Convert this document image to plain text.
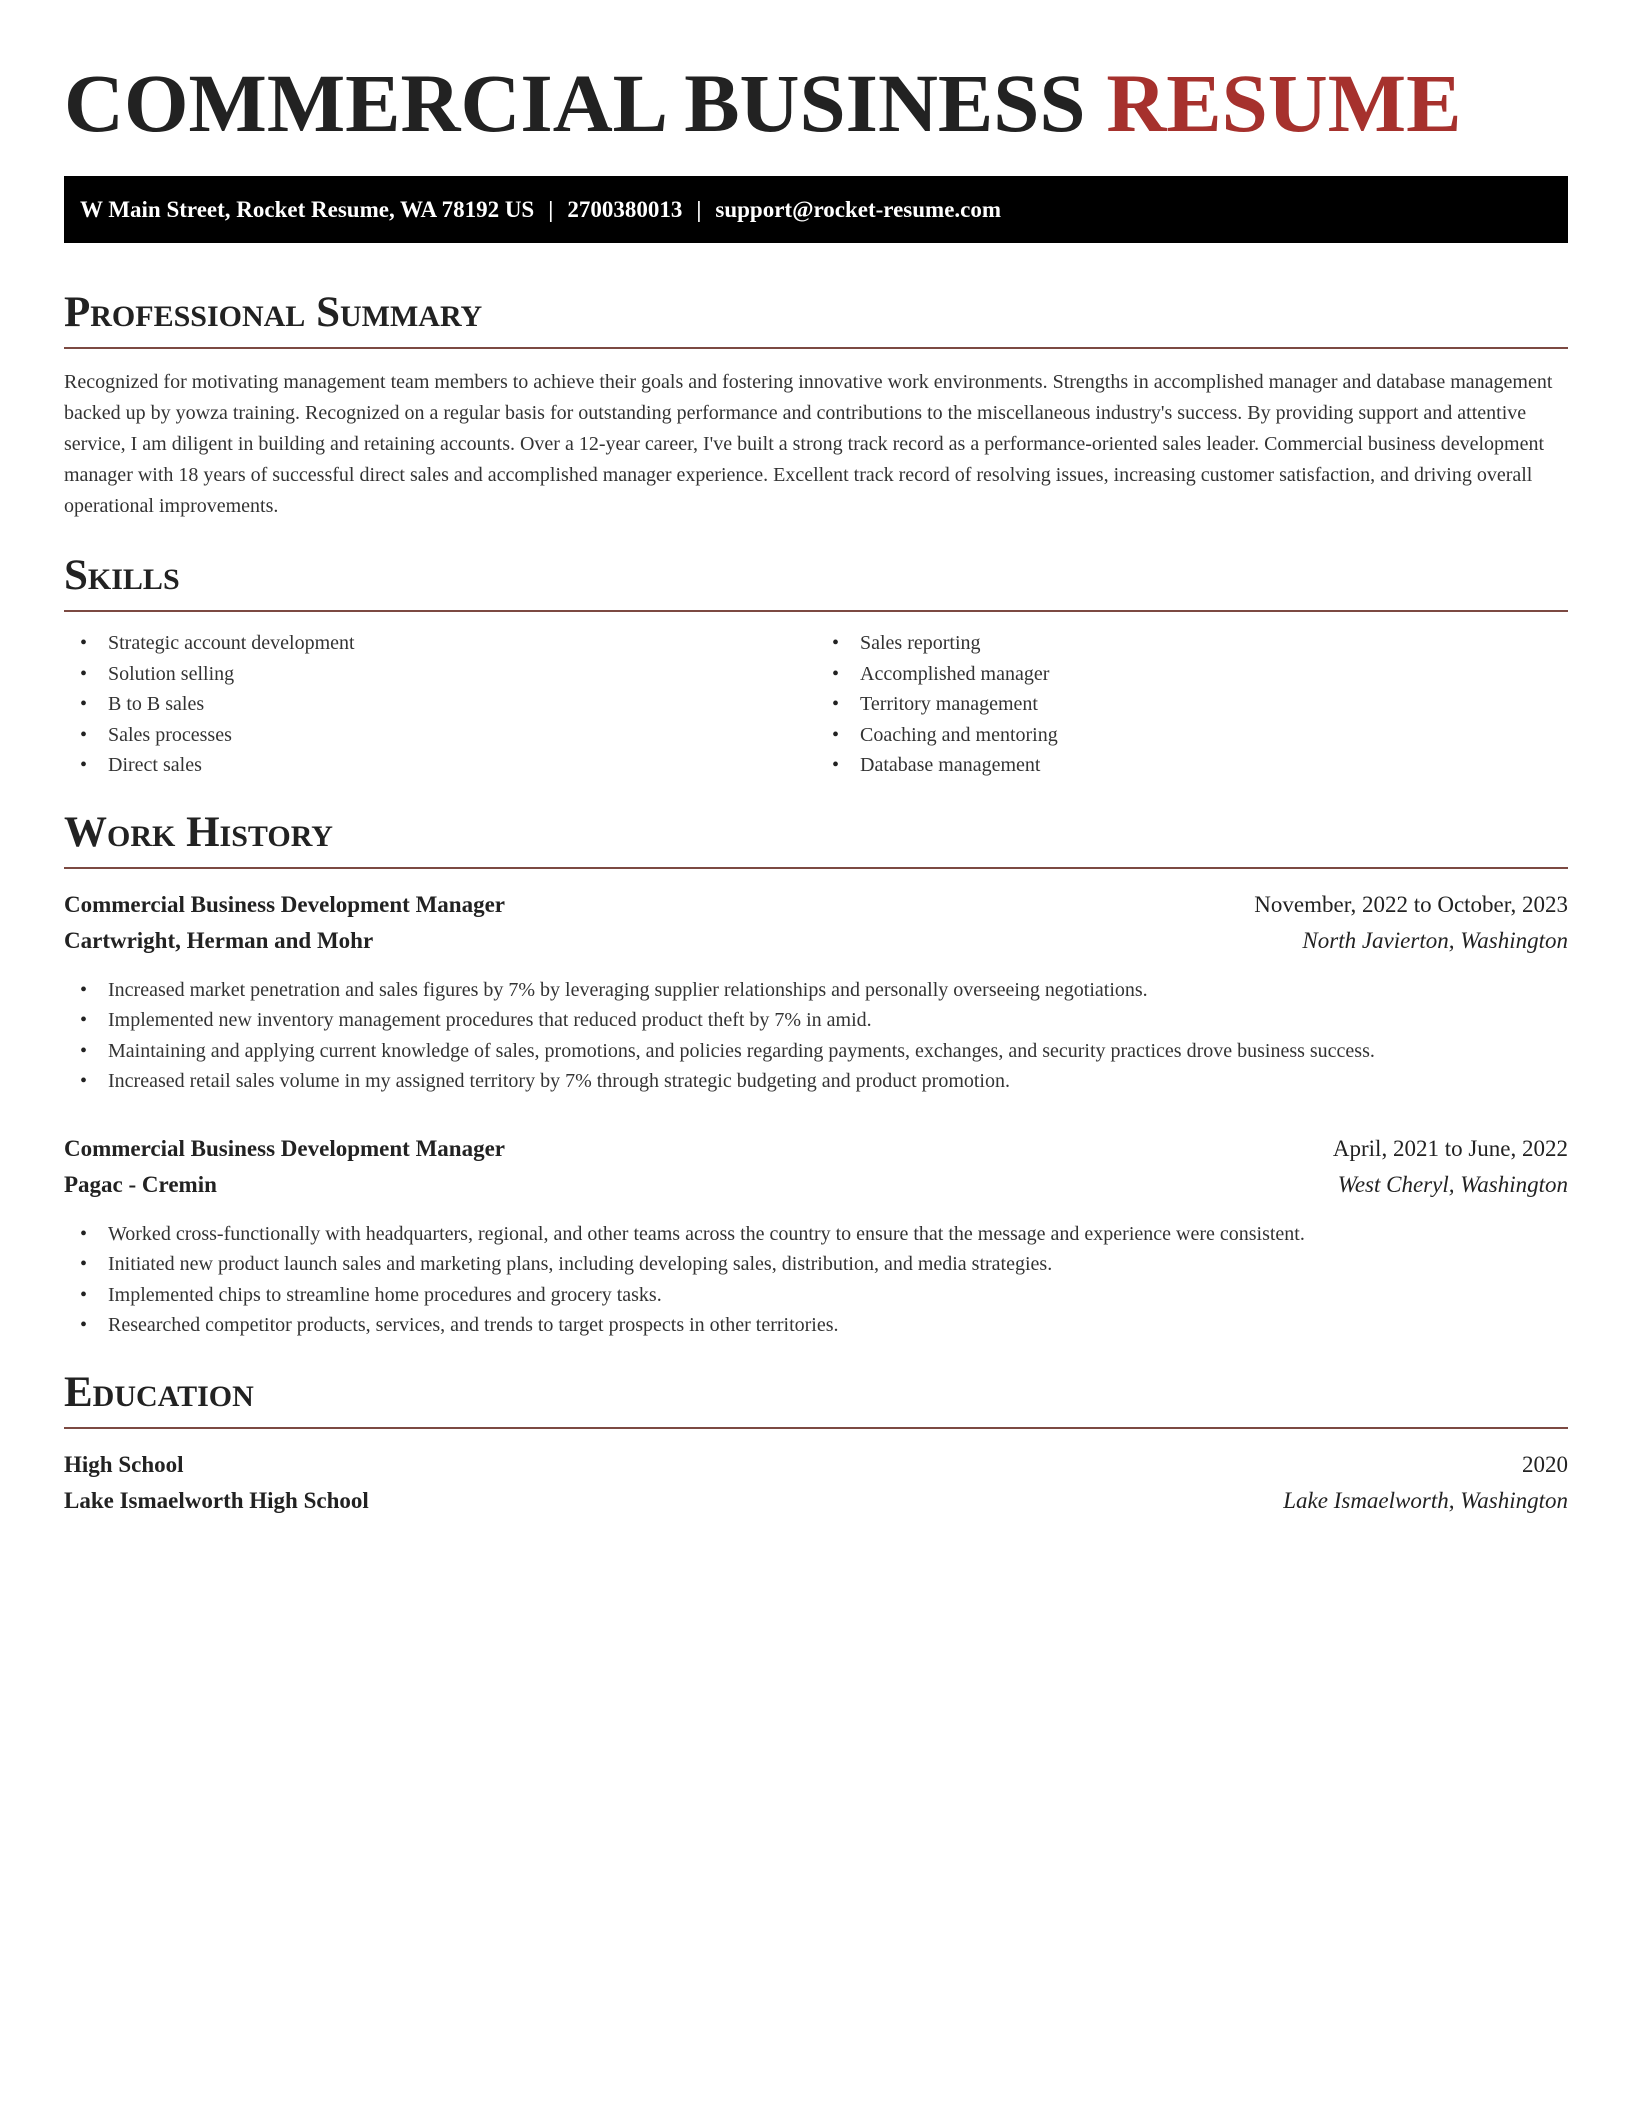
COMMERCIAL BUSINESS RESUME
W Main Street, Rocket Resume, WA 78192 US | 2700380013 | support@rocket-resume.com
Professional Summary

Recognized for motivating management team members to achieve their goals and fostering innovative work environments. Strengths in accomplished manager and database management backed up by yowza training. Recognized on a regular basis for outstanding performance and contributions to the miscellaneous industry's success. By providing support and attentive service, I am diligent in building and retaining accounts. Over a 12-year career, I've built a strong track record as a performance-oriented sales leader. Commercial business development manager with 18 years of successful direct sales and accomplished manager experience. Excellent track record of resolving issues, increasing customer satisfaction, and driving overall operational improvements.

Skills
• Strategic account development
• Solution selling
• B to B sales
• Sales processes
• Direct sales
• Sales reporting
• Accomplished manager
• Territory management
• Coaching and mentoring
• Database management
Work History
Commercial Business Development Manager	November, 2022 to October, 2023
Cartwright, Herman and Mohr	North Javierton, Washington
• Increased market penetration and sales figures by 7% by leveraging supplier relationships and personally overseeing negotiations.
• Implemented new inventory management procedures that reduced product theft by 7% in amid.
• Maintaining and applying current knowledge of sales, promotions, and policies regarding payments, exchanges, and security practices drove business success.
• Increased retail sales volume in my assigned territory by 7% through strategic budgeting and product promotion.
Commercial Business Development Manager	April, 2021 to June, 2022
Pagac - Cremin	West Cheryl, Washington
• Worked cross-functionally with headquarters, regional, and other teams across the country to ensure that the message and experience were consistent.
• Initiated new product launch sales and marketing plans, including developing sales, distribution, and media strategies.
• Implemented chips to streamline home procedures and grocery tasks.
• Researched competitor products, services, and trends to target prospects in other territories.
Education
High School	2020
Lake Ismaelworth High School	Lake Ismaelworth, Washington
